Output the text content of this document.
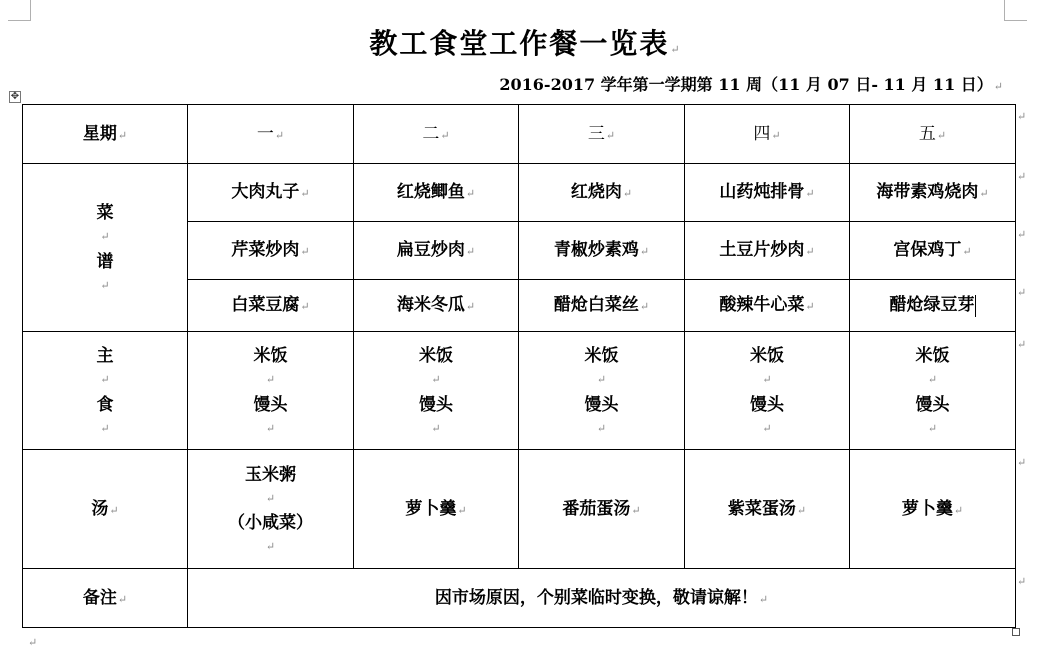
教工食堂工作餐一览表↵
2016-2017 学年第一学期第 11 周（11 月 07 日- 11 月 11 日）↵
✥
星期↵	一↵	二↵	三↵	四↵	五↵

菜
↵
谱
↵	大肉丸子↵	红烧鲫鱼↵	红烧肉↵	山药炖排骨↵	海带素鸡烧肉↵
	芹菜炒肉↵	扁豆炒肉↵	青椒炒素鸡↵	土豆片炒肉↵	宫保鸡丁↵
	白菜豆腐↵	海米冬瓜↵	醋炝白菜丝↵	酸辣牛心菜↵	醋炝绿豆芽

主
↵
食
↵	米饭
↵
馒头
↵	米饭
↵
馒头
↵	米饭
↵
馒头
↵	米饭
↵
馒头
↵	米饭
↵
馒头
↵

汤↵	玉米粥
↵
（小咸菜）
↵	萝卜羹↵	番茄蛋汤↵	紫菜蛋汤↵	萝卜羹↵
备注↵	因市场原因，个别菜临时变换，敬请谅解！↵				
↵
↵
↵
↵
↵
↵
↵
↵
